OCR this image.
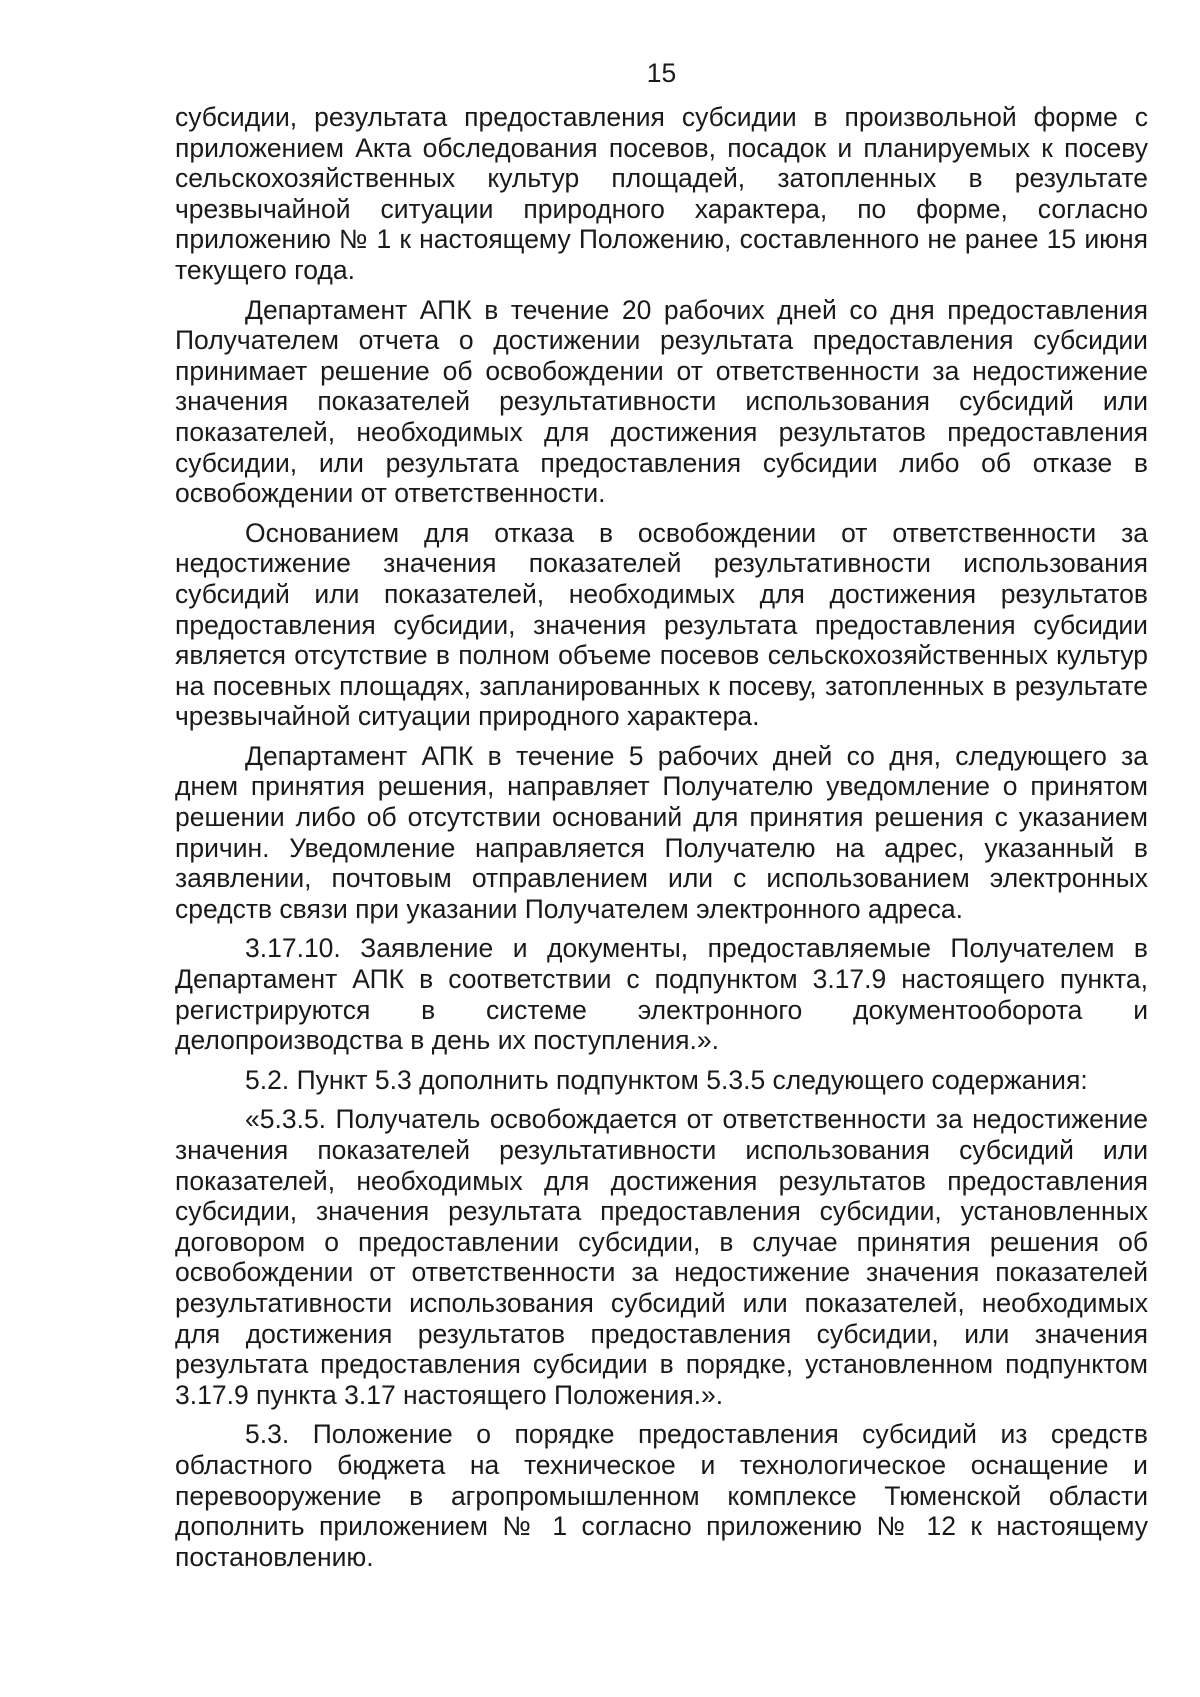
15

субсидии, результата предоставления субсидии в произвольной форме с приложением Акта обследования посевов, посадок и планируемых к посеву сельскохозяйственных культур площадей, затопленных в результате чрезвычайной ситуации природного характера, по форме, согласно приложению № 1 к настоящему Положению, составленного не ранее 15 июня текущего года.

Департамент АПК в течение 20 рабочих дней со дня предоставления Получателем отчета о достижении результата предоставления субсидии принимает решение об освобождении от ответственности за недостижение значения показателей результативности использования субсидий или показателей, необходимых для достижения результатов предоставления субсидии, или результата предоставления субсидии либо об отказе в освобождении от ответственности.

Основанием для отказа в освобождении от ответственности за недостижение значения показателей результативности использования субсидий или показателей, необходимых для достижения результатов предоставления субсидии, значения результата предоставления субсидии является отсутствие в полном объеме посевов сельскохозяйственных культур на посевных площадях, запланированных к посеву, затопленных в результате чрезвычайной ситуации природного характера.

Департамент АПК в течение 5 рабочих дней со дня, следующего за днем принятия решения, направляет Получателю уведомление о принятом решении либо об отсутствии оснований для принятия решения с указанием причин. Уведомление направляется Получателю на адрес, указанный в заявлении, почтовым отправлением или с использованием электронных средств связи при указании Получателем электронного адреса.

3.17.10. Заявление и документы, предоставляемые Получателем в Департамент АПК в соответствии с подпунктом 3.17.9 настоящего пункта, регистрируются в системе электронного документооборота и делопроизводства в день их поступления.».

5.2. Пункт 5.3 дополнить подпунктом 5.3.5 следующего содержания:

«5.3.5. Получатель освобождается от ответственности за недостижение значения показателей результативности использования субсидий или показателей, необходимых для достижения результатов предоставления субсидии, значения результата предоставления субсидии, установленных договором о предоставлении субсидии, в случае принятия решения об освобождении от ответственности за недостижение значения показателей результативности использования субсидий или показателей, необходимых для достижения результатов предоставления субсидии, или значения результата предоставления субсидии в порядке, установленном подпунктом 3.17.9 пункта 3.17 настоящего Положения.».

5.3. Положение о порядке предоставления субсидий из средств областного бюджета на техническое и технологическое оснащение и перевооружение в агропромышленном комплексе Тюменской области дополнить приложением № 1 согласно приложению № 12 к настоящему постановлению.
